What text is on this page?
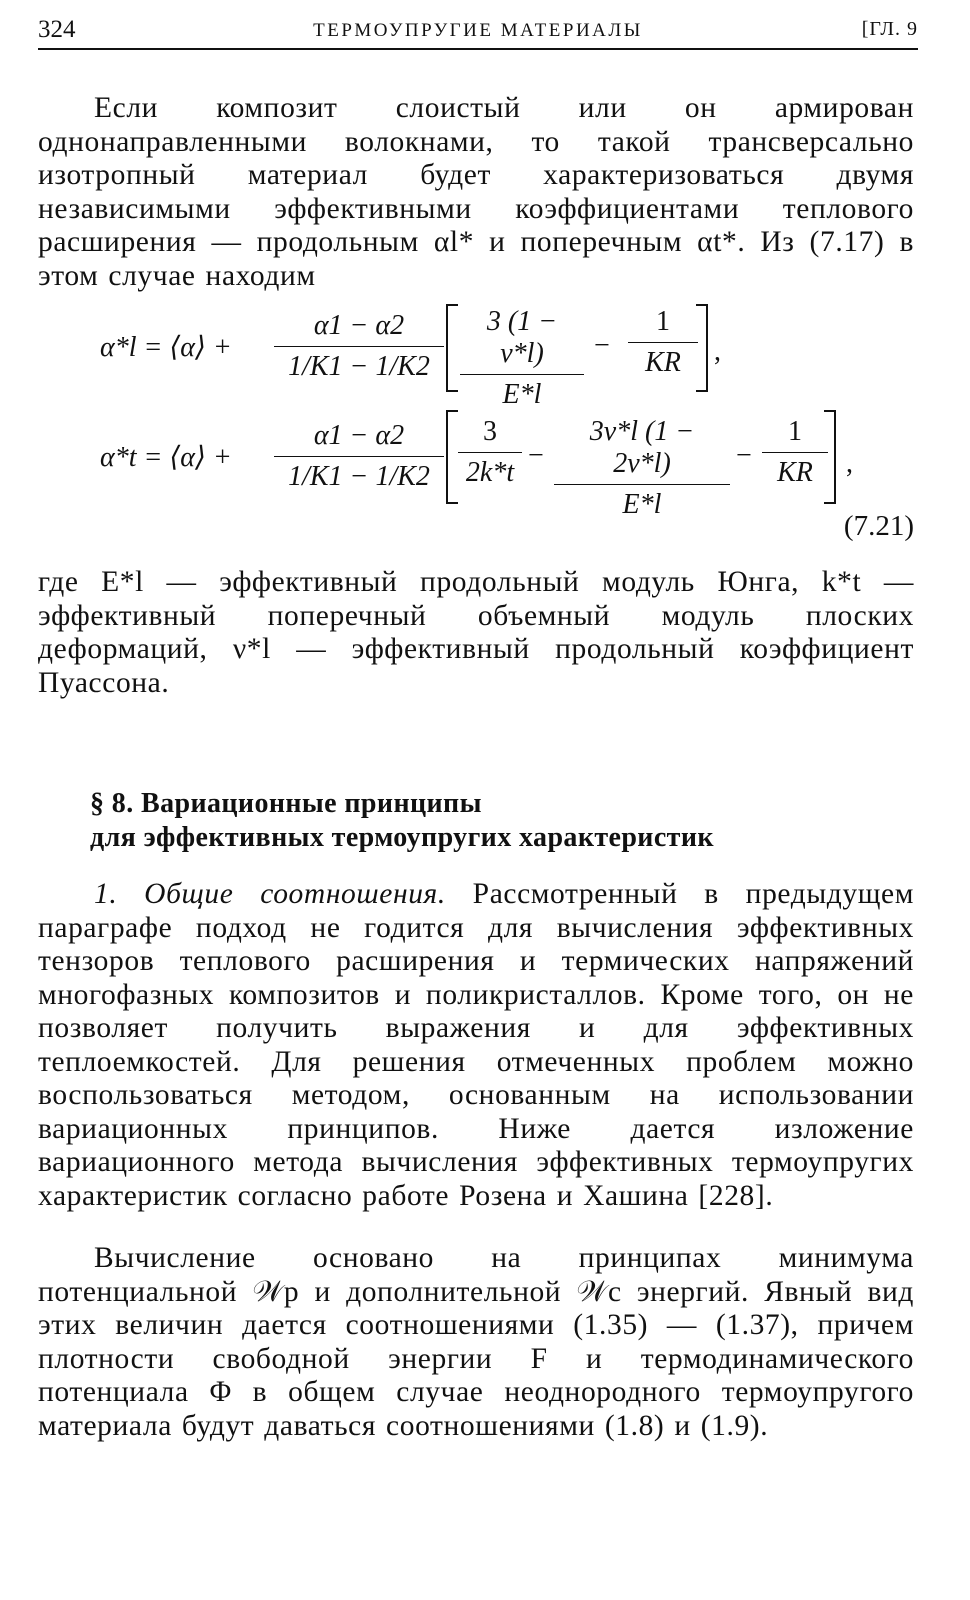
324	ТЕРМОУПРУГИЕ МАТЕРИАЛЫ	[ГЛ. 9
Если композит слоистый или он армирован однонаправленными волокнами, то такой трансверсально изотропный материал будет характеризоваться двумя независимыми эффективными коэффициентами теплового расширения — продольным αl* и поперечным αt*. Из (7.17) в этом случае находим
α*l = ⟨α⟩ + $\frac{\alpha 1 - \alpha 2}{1/K1 - 1/K2} \frac{3 (1 - \nu*l)}{E*l} - \frac{1}{KR}$ ,
α*t = ⟨α⟩ + $\frac{\alpha 1 - \alpha 2}{1/K1 - 1/K2} \frac{3}{2k*t} - \frac{3\nu*l (1 - 2\nu*l)}{E*l} - \frac{1}{KR}$ ,
(7.21)
где E*l — эффективный продольный модуль Юнга, k*t — эффективный поперечный объемный модуль плоских деформаций, ν*l — эффективный продольный коэффициент Пуассона.
§ 8. Вариационные принципы
для эффективных термоупругих характеристик
1. Общие соотношения. Рассмотренный в предыдущем параграфе подход не годится для вычисления эффективных тензоров теплового расширения и термических напряжений многофазных композитов и поликристаллов. Кроме того, он не позволяет получить выражения и для эффективных теплоемкостей. Для решения отмеченных проблем можно воспользоваться методом, основанным на использовании вариационных принципов. Ниже дается изложение вариационного метода вычисления эффективных термоупругих характеристик согласно работе Розена и Хашина [228].
Вычисление основано на принципах минимума потенциальной 𝒲p и дополнительной 𝒲c энергий. Явный вид этих величин дается соотношениями (1.35) — (1.37), причем плотности свободной энергии F и термодинамического потенциала Φ в общем случае неоднородного термоупругого материала будут даваться соотношениями (1.8) и (1.9).
